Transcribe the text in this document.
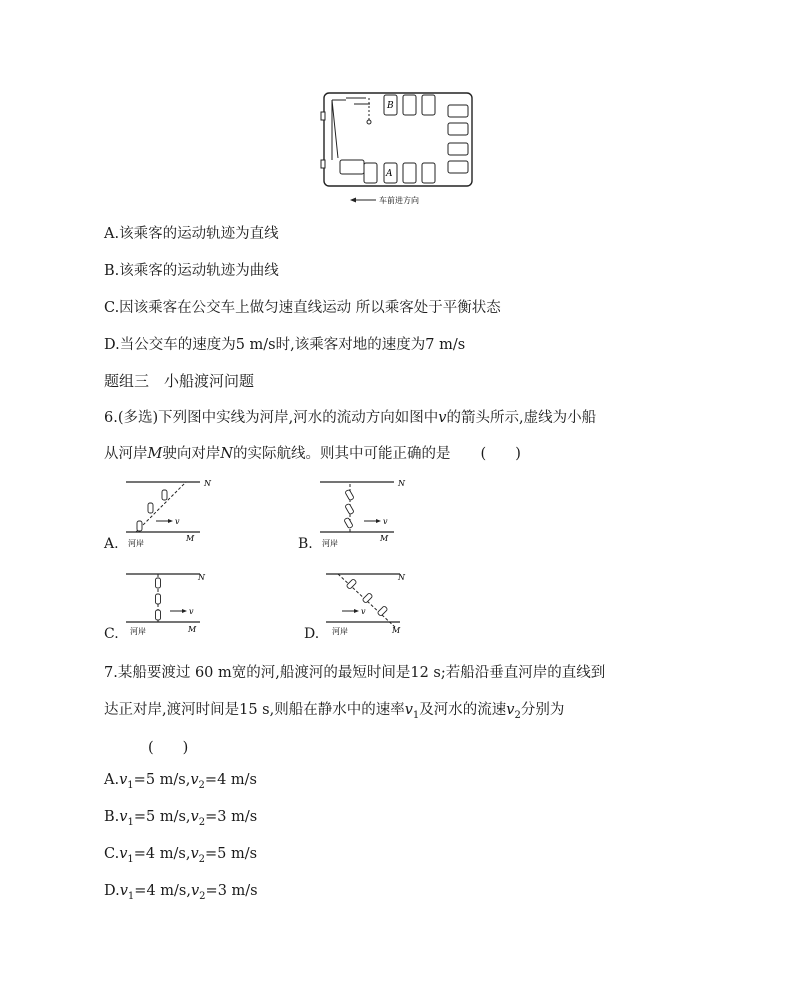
B
A
车前进方向
A.该乘客的运动轨迹为直线
B.该乘客的运动轨迹为曲线
C.因该乘客在公交车上做匀速直线运动 所以乘客处于平衡状态
D.当公交车的速度为5 m/s时,该乘客对地的速度为7 m/s
题组三　小船渡河问题
6.(多选)下列图中实线为河岸,河水的流动方向如图中v的箭头所示,虚线为小船
从河岸M驶向对岸N的实际航线。则其中可能正确的是 (　　)
A.
v
N
M
河岸	B.
v
N
M
河岸
C.
v
N
M
河岸	D.
v
N
M
河岸
7.某船要渡过 60 m宽的河,船渡河的最短时间是12 s;若船沿垂直河岸的直线到
达正对岸,渡河时间是15 s,则船在静水中的速率$v_1$及河水的流速$v_2$分别为
(　　)
$A.v_1=5$ $m/s,v_2=4$ m/s
$B.v_1=5$ $m/s,v_2=3$ m/s
$C.v_1=4$ $m/s,v_2=5$ m/s
$D.v_1=4$ $m/s,v_2=3$ m/s
